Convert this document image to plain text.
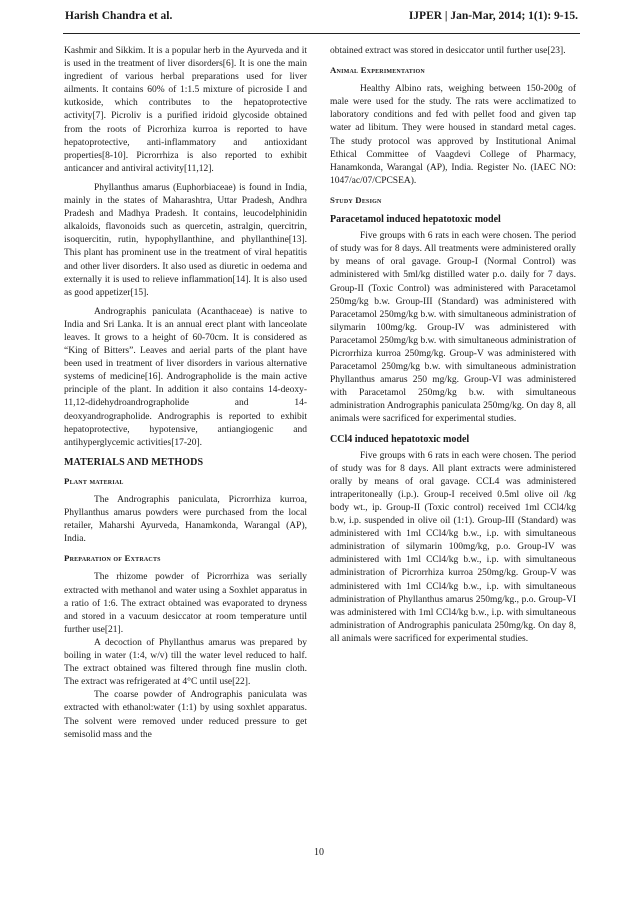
Harish Chandra et al.	IJPER | Jan-Mar, 2014; 1(1): 9-15.

Kashmir and Sikkim. It is a popular herb in the Ayurveda and it is used in the treatment of liver disorders[6]. It is one the main ingredient of various herbal preparations used for liver ailments. It contains 60% of 1:1.5 mixture of picroside I and kutkoside, which contributes to the hepatoprotective activity[7]. Picroliv is a purified iridoid glycoside obtained from the roots of Picrorhiza kurroa is reported to have hepatoprotective, anti-inflammatory and antioxidant properties[8-10]. Picrorrhiza is also reported to exhibit anticancer and antiviral activity[11,12].

Phyllanthus amarus (Euphorbiaceae) is found in India, mainly in the states of Maharashtra, Uttar Pradesh, Andhra Pradesh and Madhya Pradesh. It contains, leucodelphinidin alkaloids, flavonoids such as quercetin, astralgin, quercitrin, isoquercitin, rutin, hypophyllanthine, and phyllanthine[13]. This plant has prominent use in the treatment of viral hepatitis and other liver disorders. It also used as diuretic in oedema and externally it is used to relieve inflammation[14]. It is also used as good appetizer[15].

Andrographis paniculata (Acanthaceae) is native to India and Sri Lanka. It is an annual erect plant with lanceolate leaves. It grows to a height of 60-70cm. It is considered as “King of Bitters”. Leaves and aerial parts of the plant have been used in treatment of liver disorders in various alternative systems of medicine[16]. Andrographolide is the main active principle of the plant. In addition it also contains 14-deoxy-11,12-didehydroandrographolide and 14-deoxyandrographolide. Andrographis is reported to exhibit hepatoprotective, hypotensive, antiangiogenic and antihyperglycemic activities[17-20].

MATERIALS AND METHODS
Plant material

The Andrographis paniculata, Picrorrhiza kurroa, Phyllanthus amarus powders were purchased from the local retailer, Maharshi Ayurveda, Hanamkonda, Warangal (AP), India.

Preparation of Extracts

The rhizome powder of Picrorrhiza was serially extracted with methanol and water using a Soxhlet apparatus in a ratio of 1:6. The extract obtained was evaporated to dryness and stored in a vacuum desiccator at room temperature until further use[21].

A decoction of Phyllanthus amarus was prepared by boiling in water (1:4, w/v) till the water level reduced to half. The extract obtained was filtered through fine muslin cloth. The extract was refrigerated at 4°C until use[22].

The coarse powder of Andrographis paniculata was extracted with ethanol:water (1:1) by using soxhlet apparatus. The solvent were removed under reduced pressure to get semisolid mass and the

obtained extract was stored in desiccator until further use[23].

Animal Experimentation

Healthy Albino rats, weighing between 150-200g of male were used for the study. The rats were acclimatized to laboratory conditions and fed with pellet food and given tap water ad libitum. They were housed in standard metal cages. The study protocol was approved by Institutional Animal Ethical Committee of Vaagdevi College of Pharmacy, Hanamkonda, Warangal (AP), India. Register No. (IAEC NO: 1047/ac/07/CPCSEA).

Study Design
Paracetamol induced hepatotoxic model

Five groups with 6 rats in each were chosen. The period of study was for 8 days. All treatments were administered orally by means of oral gavage. Group-I (Normal Control) was administered with 5ml/kg distilled water p.o. daily for 7 days. Group-II (Toxic Control) was administered with Paracetamol 250mg/kg b.w. Group-III (Standard) was administered with Paracetamol 250mg/kg b.w. with simultaneous administration of silymarin 100mg/kg. Group-IV was administered with Paracetamol 250mg/kg b.w. with simultaneous administration of Picrorrhiza kurroa 250mg/kg. Group-V was administered with Paracetamol 250mg/kg b.w. with simultaneous administration Phyllanthus amarus 250 mg/kg. Group-VI was administered with Paracetamol 250mg/kg b.w. with simultaneous administration Andrographis paniculata 250mg/kg. On day 8, all animals were sacrificed for experimental studies.

CCl4 induced hepatotoxic model

Five groups with 6 rats in each were chosen. The period of study was for 8 days. All plant extracts were administered orally by means of oral gavage. CCL4 was administered intraperitoneally (i.p.). Group-I received 0.5ml olive oil /kg body wt., ip. Group-II (Toxic control) received 1ml CCl4/kg b.w, i.p. suspended in olive oil (1:1). Group-III (Standard) was administered with 1ml CCl4/kg b.w., i.p. with simultaneous administration of silymarin 100mg/kg, p.o. Group-IV was administered with 1ml CCl4/kg b.w., i.p. with simultaneous administration of Picrorrhiza kurroa 250mg/kg. Group-V was administered with 1ml CCl4/kg b.w., i.p. with simultaneous administration of Phyllanthus amarus 250mg/kg., p.o. Group-VI was administered with 1ml CCl4/kg b.w., i.p. with simultaneous administration of Andrographis paniculata 250mg/kg. On day 8, all animals were sacrificed for experimental studies.

10
